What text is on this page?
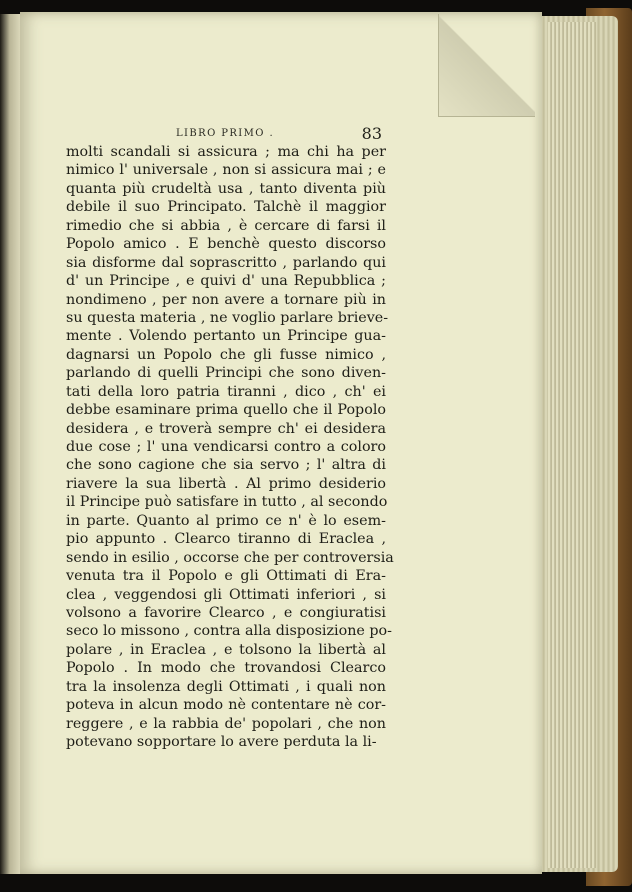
LIBRO PRIMO .	83
molti scandali si assicura ; ma chi ha per
nimico l' universale , non si assicura mai ; e
quanta più crudeltà usa , tanto diventa più
debile il suo Principato. Talchè il maggior
rimedio che si abbia , è cercare di farsi il
Popolo amico . E benchè questo discorso
sia disforme dal soprascritto , parlando qui
d' un Principe , e quivi d' una Repubblica ;
nondimeno , per non avere a tornare più in
su questa materia , ne voglio parlare brieve-
mente . Volendo pertanto un Principe gua-
dagnarsi un Popolo che gli fusse nimico ,
parlando di quelli Principi che sono diven-
tati della loro patria tiranni , dico , ch' ei
debbe esaminare prima quello che il Popolo
desidera , e troverà sempre ch' ei desidera
due cose ; l' una vendicarsi contro a coloro
che sono cagione che sia servo ; l' altra di
riavere la sua libertà . Al primo desiderio
il Principe può satisfare in tutto , al secondo
in parte. Quanto al primo ce n' è lo esem-
pio appunto . Clearco tiranno di Eraclea ,
sendo in esilio , occorse che per controversia
venuta tra il Popolo e gli Ottimati di Era-
clea , veggendosi gli Ottimati inferiori , si
volsono a favorire Clearco , e congiuratisi
seco lo missono , contra alla disposizione po-
polare , in Eraclea , e tolsono la libertà al
Popolo . In modo che trovandosi Clearco
tra la insolenza degli Ottimati , i quali non
poteva in alcun modo nè contentare nè cor-
reggere , e la rabbia de' popolari , che non
potevano sopportare lo avere perduta la li-
